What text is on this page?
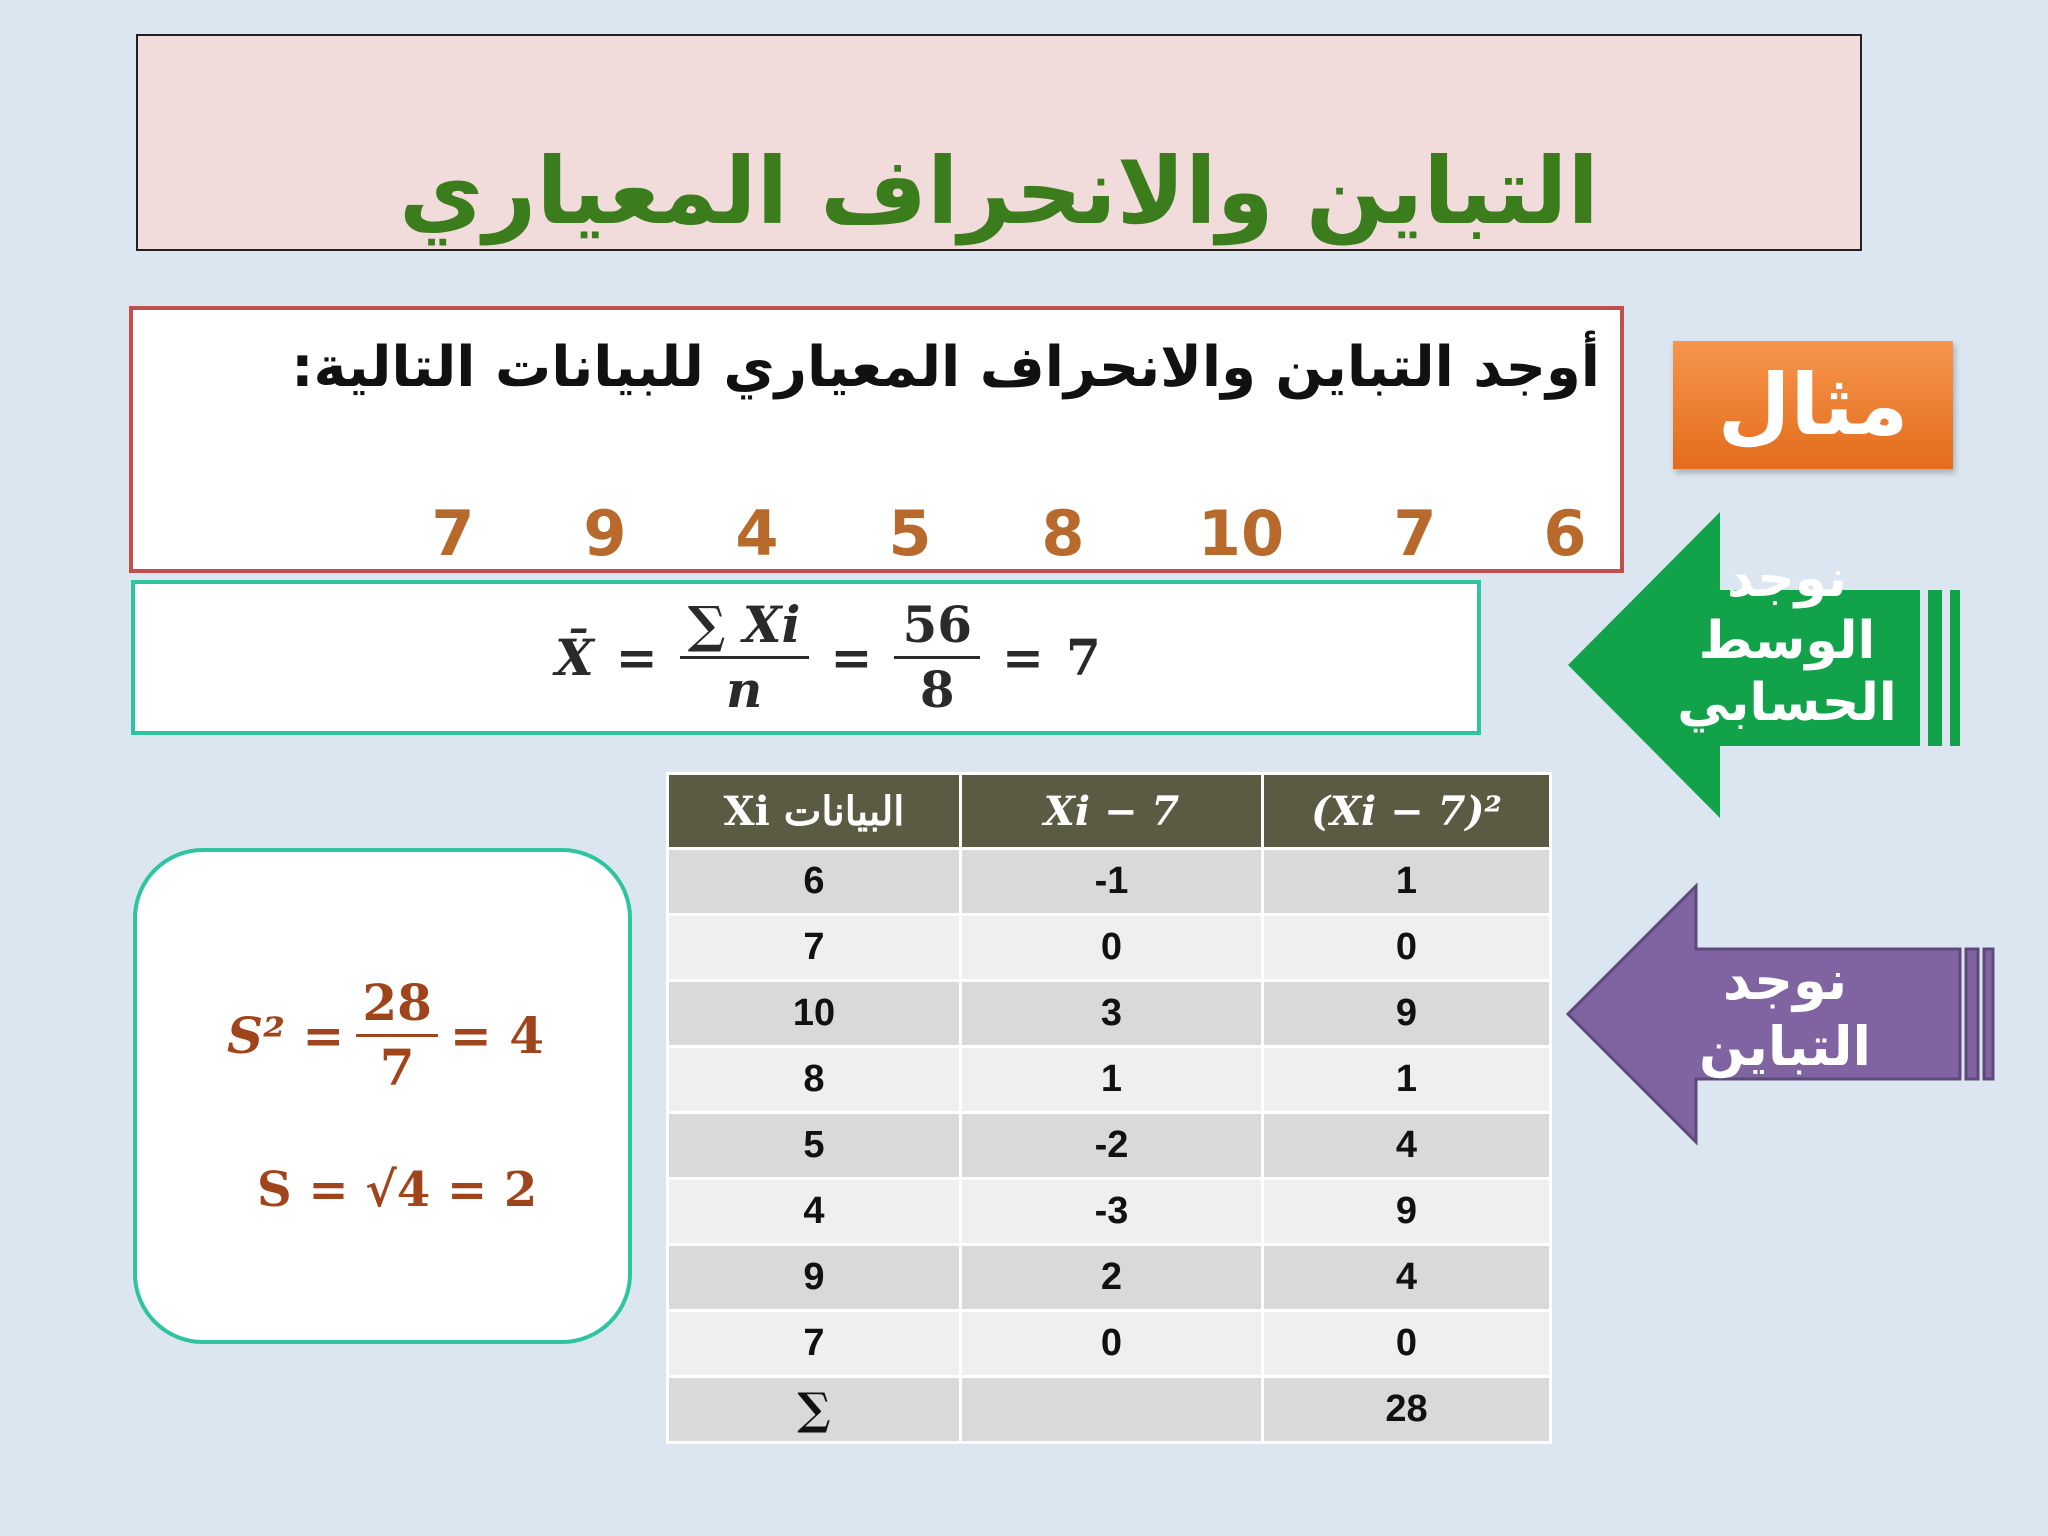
التباين والانحراف المعياري
أوجد التباين والانحراف المعياري للبيانات التالية:
7 9 4 5 8 10 7 6
مثال
X̄ = $\frac{\sum Xi}{n} = \frac{56}{8} = 7$
$S^2 = \frac{28}{7} = 4$
S = √4 = 2
البيانات Xi	Xi − 7	(Xi − 7)²
6	-1	1
7	0	0
10	3	9
8	1	1
5	-2	4
4	-3	9
9	2	4
7	0	0
∑		28
نوجد الوسط الحسابي
نوجد التباين
